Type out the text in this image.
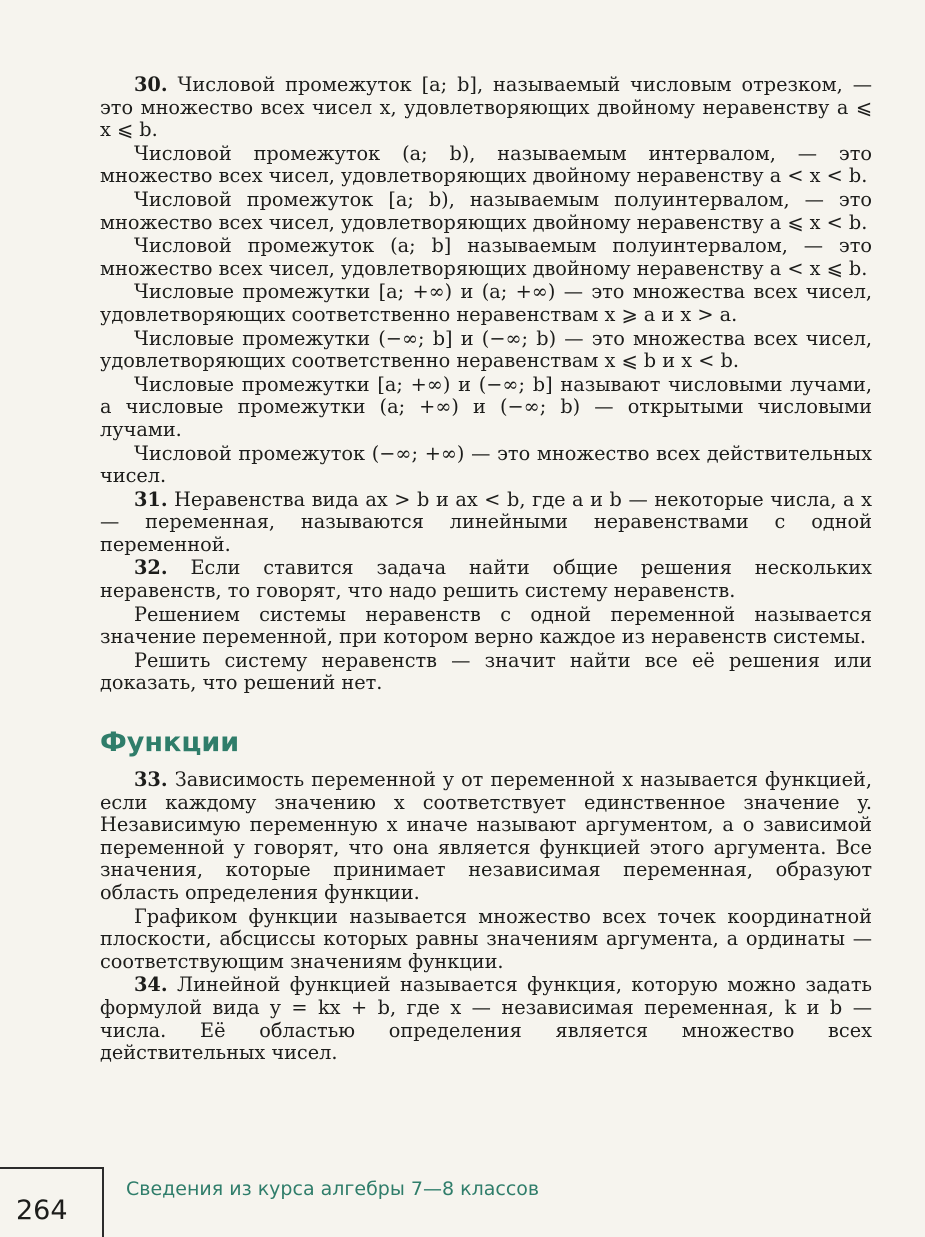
30. Числовой промежуток [a; b], называемый числовым отрезком, — это множество всех чисел x, удовлетворяющих двойному неравенству a ⩽ x ⩽ b.

Числовой промежуток (a; b), называемым интервалом, — это множество всех чисел, удовлетворяющих двойному неравенству a < x < b.

Числовой промежуток [a; b), называемым полуинтервалом, — это множество всех чисел, удовлетворяющих двойному неравенству a ⩽ x < b.

Числовой промежуток (a; b] называемым полуинтервалом, — это множество всех чисел, удовлетворяющих двойному неравенству a < x ⩽ b.

Числовые промежутки [a; +∞) и (a; +∞) — это множества всех чисел, удовлетворяющих соответственно неравенствам x ⩾ a и x > a.

Числовые промежутки (−∞; b] и (−∞; b) — это множества всех чисел, удовлетворяющих соответственно неравенствам x ⩽ b и x < b.

Числовые промежутки [a; +∞) и (−∞; b] называют числовыми лучами, а числовые промежутки (a; +∞) и (−∞; b) — открытыми числовыми лучами.

Числовой промежуток (−∞; +∞) — это множество всех действительных чисел.

31. Неравенства вида ax > b и ax < b, где a и b — некоторые числа, а x — переменная, называются линейными неравенствами с одной переменной.

32. Если ставится задача найти общие решения нескольких неравенств, то говорят, что надо решить систему неравенств.

Решением системы неравенств с одной переменной называется значение переменной, при котором верно каждое из неравенств системы.

Решить систему неравенств — значит найти все её решения или доказать, что решений нет.

Функции

33. Зависимость переменной y от переменной x называется функцией, если каждому значению x соответствует единственное значение y. Независимую переменную x иначе называют аргументом, а о зависимой переменной y говорят, что она является функцией этого аргумента. Все значения, которые принимает независимая переменная, образуют область определения функции.

Графиком функции называется множество всех точек координатной плоскости, абсциссы которых равны значениям аргумента, а ординаты — соответствующим значениям функции.

34. Линейной функцией называется функция, которую можно задать формулой вида y = kx + b, где x — независимая переменная, k и b — числа. Её областью определения является множество всех действительных чисел.

264
Сведения из курса алгебры 7—8 классов
